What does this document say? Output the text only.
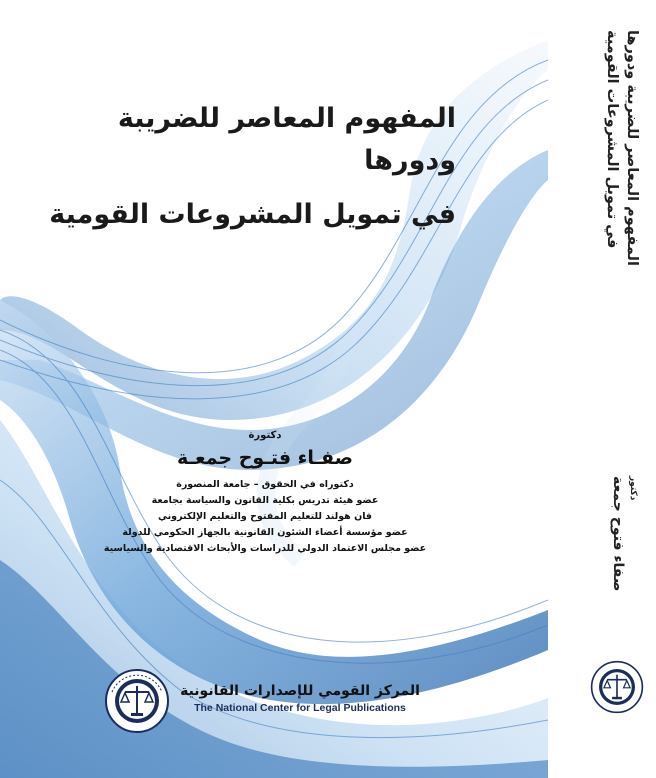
المفهوم المعاصر للضريبة ودورها
في تمويل المشروعات القومية
دكتورة
صفـاء فتـوح جمعـة
دكتوراه في الحقوق – جامعة المنصورة
عضو هيئة تدريس بكلية القانون والسياسة بجامعة
فان هولند للتعليم المفتوح والتعليم الإلكتروني
عضو مؤسسة أعضاء الشئون القانونية بالجهاز الحكومي للدولة
عضو مجلس الاعتماد الدولي للدراسات والأبحاث الاقتصادية والسياسية
المركز القومي للإصدارات القانونية
The National Center for Legal Publications
المفهوم المعاصر للضريبة ودورها
في تمويل المشروعات القومية
دكتور
صفاء فتوح جمعة
